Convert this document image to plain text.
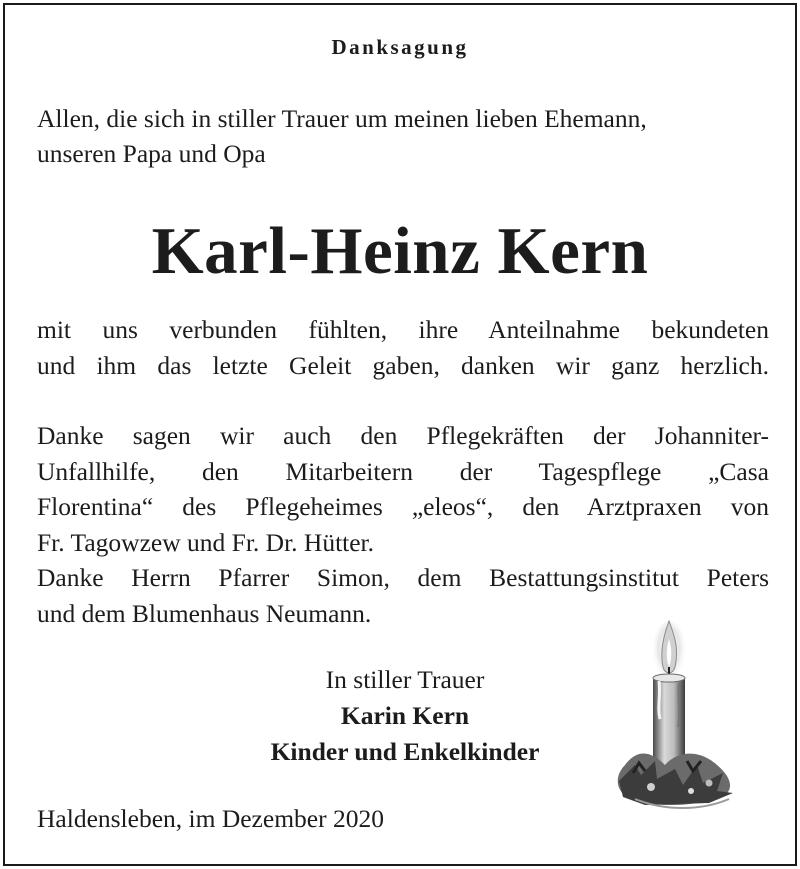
Danksagung
Allen, die sich in stiller Trauer um meinen lieben Ehemann,
unseren Papa und Opa
Karl-Heinz Kern
mit uns verbunden fühlten, ihre Anteilnahme bekundeten
und ihm das letzte Geleit gaben, danken wir ganz herzlich.
Danke sagen wir auch den Pflegekräften der Johanniter-
Unfallhilfe, den Mitarbeitern der Tagespflege „Casa
Florentina“ des Pflegeheimes „eleos“, den Arztpraxen von
Fr. Tagowzew und Fr. Dr. Hütter.
Danke Herrn Pfarrer Simon, dem Bestattungsinstitut Peters
und dem Blumenhaus Neumann.
In stiller Trauer
Karin Kern
Kinder und Enkelkinder
Haldensleben, im Dezember 2020
